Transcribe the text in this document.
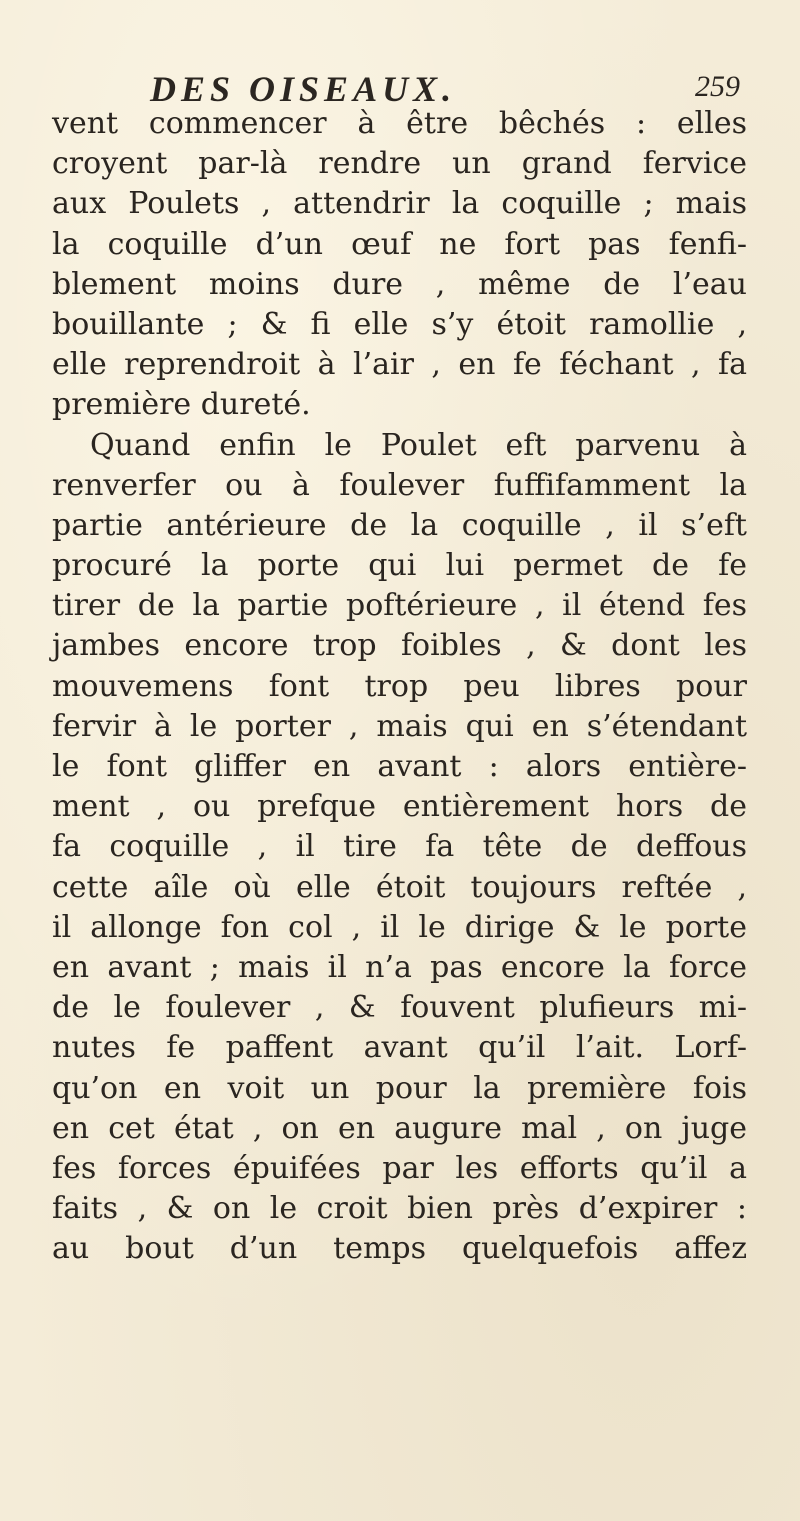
DES OISEAUX.	259
vent commencer à être bêchés : elles
croyent par-là rendre un grand fervice
aux Poulets , attendrir la coquille ; mais
la coquille d’un œuf ne fort pas fenfi-
blement moins dure , même de l’eau
bouillante ; & fi elle s’y étoit ramollie ,
elle reprendroit à l’air , en fe féchant , fa
première dureté.
Quand enfin le Poulet eft parvenu à
renverfer ou à foulever fuffifamment la
partie antérieure de la coquille , il s’eft
procuré la porte qui lui permet de fe
tirer de la partie poftérieure , il étend fes
jambes encore trop foibles , & dont les
mouvemens font trop peu libres pour
fervir à le porter , mais qui en s’étendant
le font gliffer en avant : alors entière-
ment , ou prefque entièrement hors de
fa coquille , il tire fa tête de deffous
cette aîle où elle étoit toujours reftée ,
il allonge fon col , il le dirige & le porte
en avant ; mais il n’a pas encore la force
de le foulever , & fouvent plufieurs mi-
nutes fe paffent avant qu’il l’ait. Lorf-
qu’on en voit un pour la première fois
en cet état , on en augure mal , on juge
fes forces épuifées par les efforts qu’il a
faits , & on le croit bien près d’expirer :
au bout d’un temps quelquefois affez
